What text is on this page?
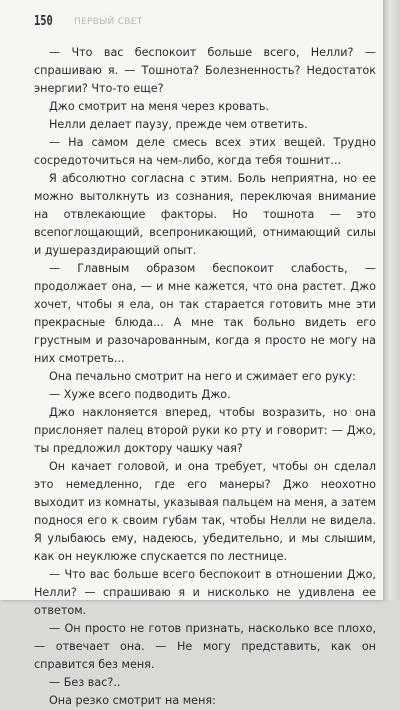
150 ПЕРВЫЙ СВЕТ

— Что вас беспокоит больше всего, Нелли? — спрашиваю я. — Тошнота? Болезненность? Недостаток энергии? Что-то еще?

Джо смотрит на меня через кровать.

Нелли делает паузу, прежде чем ответить.

— На самом деле смесь всех этих вещей. Трудно сосредоточиться на чем-либо, когда тебя тошнит...

Я абсолютно согласна с этим. Боль неприятна, но ее можно вытолкнуть из сознания, переключая внимание на отвлекающие факторы. Но тошнота — это всепоглощающий, всепроникающий, отнимающий силы и душераздирающий опыт.

— Главным образом беспокоит слабость, — продолжает она, — и мне кажется, что она растет. Джо хочет, чтобы я ела, он так старается готовить мне эти прекрасные блюда... А мне так больно видеть его грустным и разочарованным, когда я просто не могу на них смотреть...

Она печально смотрит на него и сжимает его руку:

— Хуже всего подводить Джо.

Джо наклоняется вперед, чтобы возразить, но она прислоняет палец второй руки ко рту и говорит: — Джо, ты предложил доктору чашку чая?

Он качает головой, и она требует, чтобы он сделал это немедленно, где его манеры? Джо неохотно выходит из комнаты, указывая пальцем на меня, а затем поднося его к своим губам так, чтобы Нелли не видела. Я улыбаюсь ему, надеюсь, убедительно, и мы слышим, как он неуклюже спускается по лестнице.

— Что вас больше всего беспокоит в отношении Джо, Нелли? — спрашиваю я и нисколько не удивлена ее ответом.

— Он просто не готов признать, насколько все плохо, — отвечает она. — Не могу представить, как он справится без меня.

— Без вас?..

Она резко смотрит на меня:
